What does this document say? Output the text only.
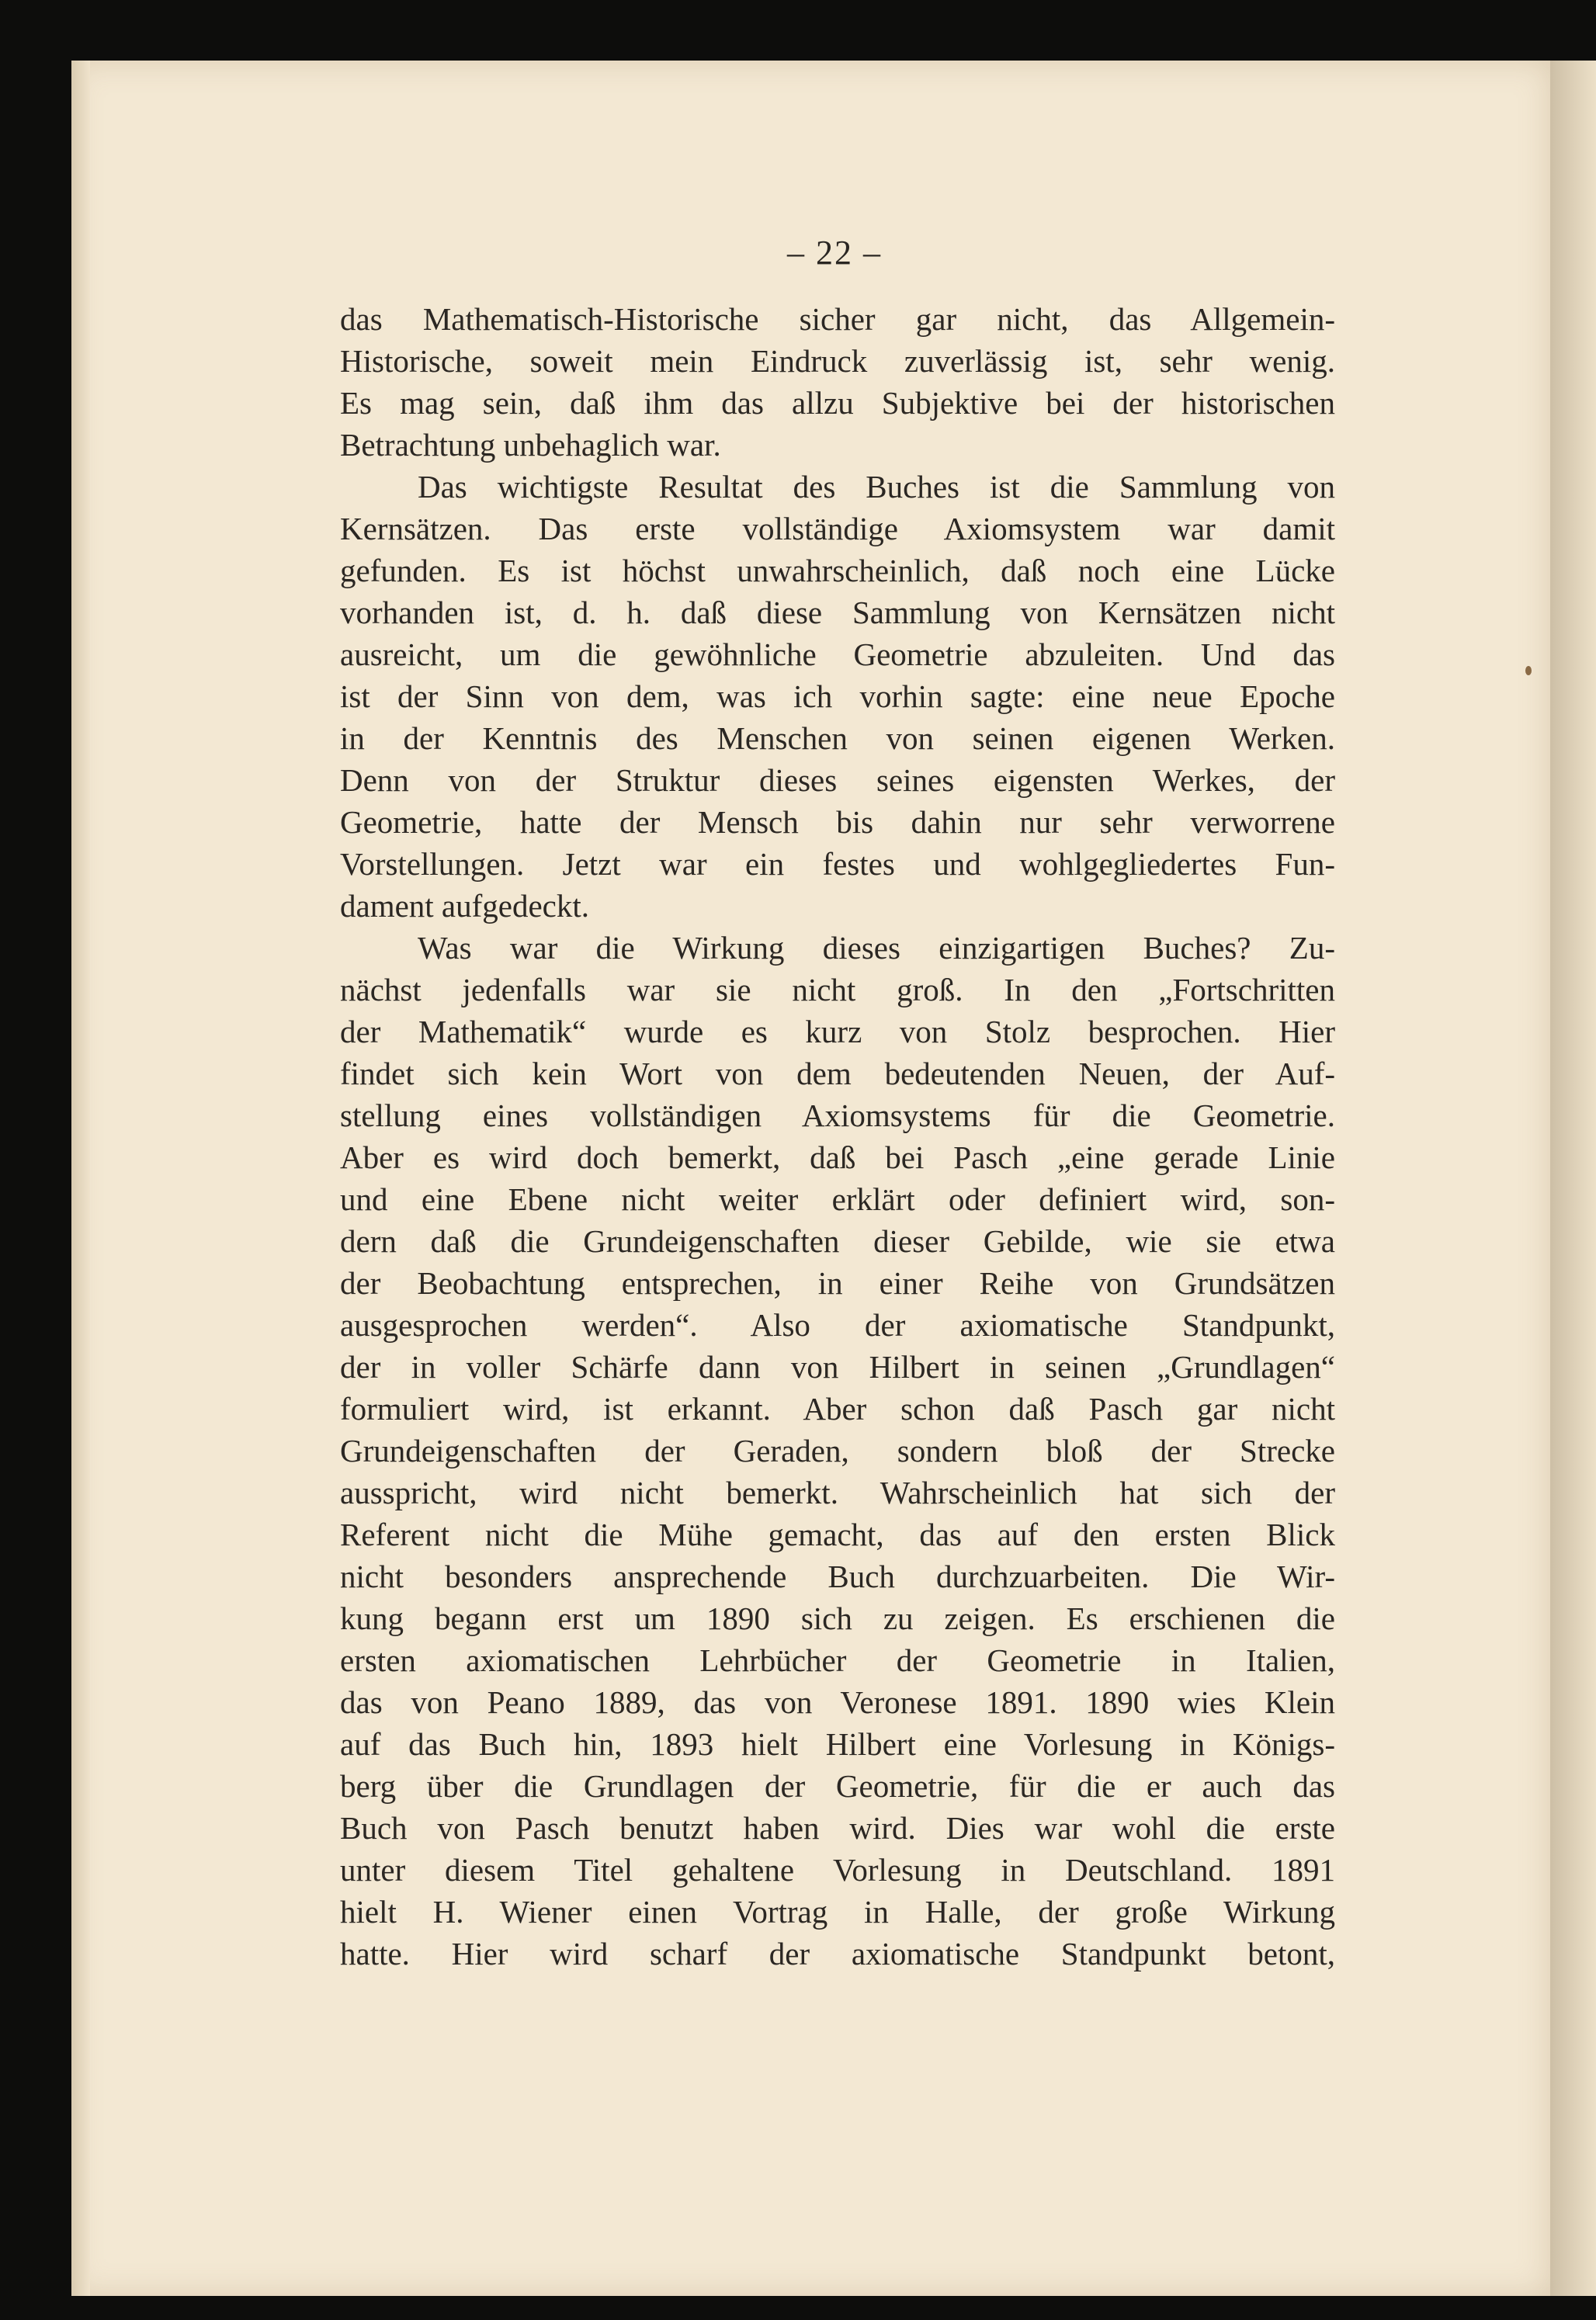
– 22 –
das Mathematisch-Historische sicher gar nicht, das Allgemein-
Historische, soweit mein Eindruck zuverlässig ist, sehr wenig.
Es mag sein, daß ihm das allzu Subjektive bei der historischen
Betrachtung unbehaglich war.
Das wichtigste Resultat des Buches ist die Sammlung von
Kernsätzen. Das erste vollständige Axiomsystem war damit
gefunden. Es ist höchst unwahrscheinlich, daß noch eine Lücke
vorhanden ist, d. h. daß diese Sammlung von Kernsätzen nicht
ausreicht, um die gewöhnliche Geometrie abzuleiten. Und das
ist der Sinn von dem, was ich vorhin sagte: eine neue Epoche
in der Kenntnis des Menschen von seinen eigenen Werken.
Denn von der Struktur dieses seines eigensten Werkes, der
Geometrie, hatte der Mensch bis dahin nur sehr verworrene
Vorstellungen. Jetzt war ein festes und wohlgegliedertes Fun-
dament aufgedeckt.
Was war die Wirkung dieses einzigartigen Buches? Zu-
nächst jedenfalls war sie nicht groß. In den „Fortschritten
der Mathematik“ wurde es kurz von Stolz besprochen. Hier
findet sich kein Wort von dem bedeutenden Neuen, der Auf-
stellung eines vollständigen Axiomsystems für die Geometrie.
Aber es wird doch bemerkt, daß bei Pasch „eine gerade Linie
und eine Ebene nicht weiter erklärt oder definiert wird, son-
dern daß die Grundeigenschaften dieser Gebilde, wie sie etwa
der Beobachtung entsprechen, in einer Reihe von Grundsätzen
ausgesprochen werden“. Also der axiomatische Standpunkt,
der in voller Schärfe dann von Hilbert in seinen „Grundlagen“
formuliert wird, ist erkannt. Aber schon daß Pasch gar nicht
Grundeigenschaften der Geraden, sondern bloß der Strecke
ausspricht, wird nicht bemerkt. Wahrscheinlich hat sich der
Referent nicht die Mühe gemacht, das auf den ersten Blick
nicht besonders ansprechende Buch durchzuarbeiten. Die Wir-
kung begann erst um 1890 sich zu zeigen. Es erschienen die
ersten axiomatischen Lehrbücher der Geometrie in Italien,
das von Peano 1889, das von Veronese 1891. 1890 wies Klein
auf das Buch hin, 1893 hielt Hilbert eine Vorlesung in Königs-
berg über die Grundlagen der Geometrie, für die er auch das
Buch von Pasch benutzt haben wird. Dies war wohl die erste
unter diesem Titel gehaltene Vorlesung in Deutschland. 1891
hielt H. Wiener einen Vortrag in Halle, der große Wirkung
hatte. Hier wird scharf der axiomatische Standpunkt betont,
